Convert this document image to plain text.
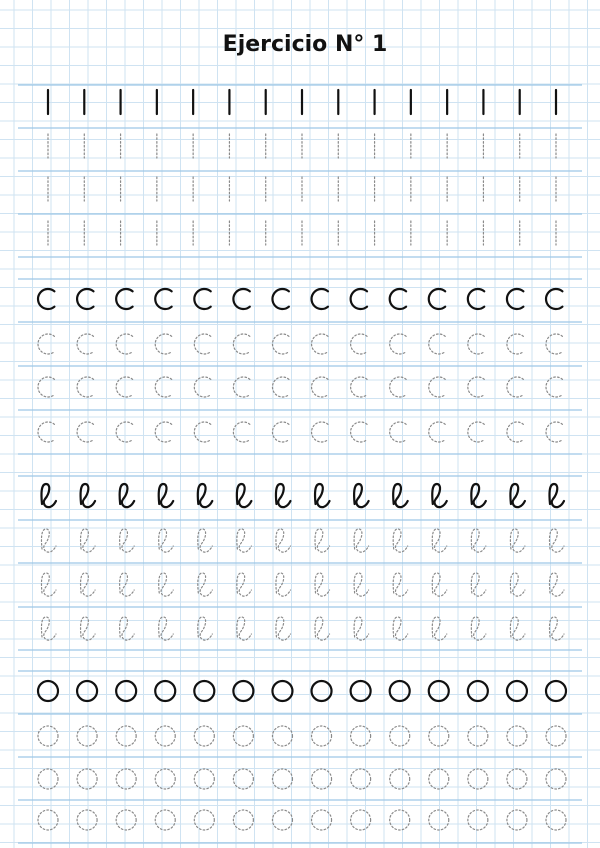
Ejercicio N° 1
